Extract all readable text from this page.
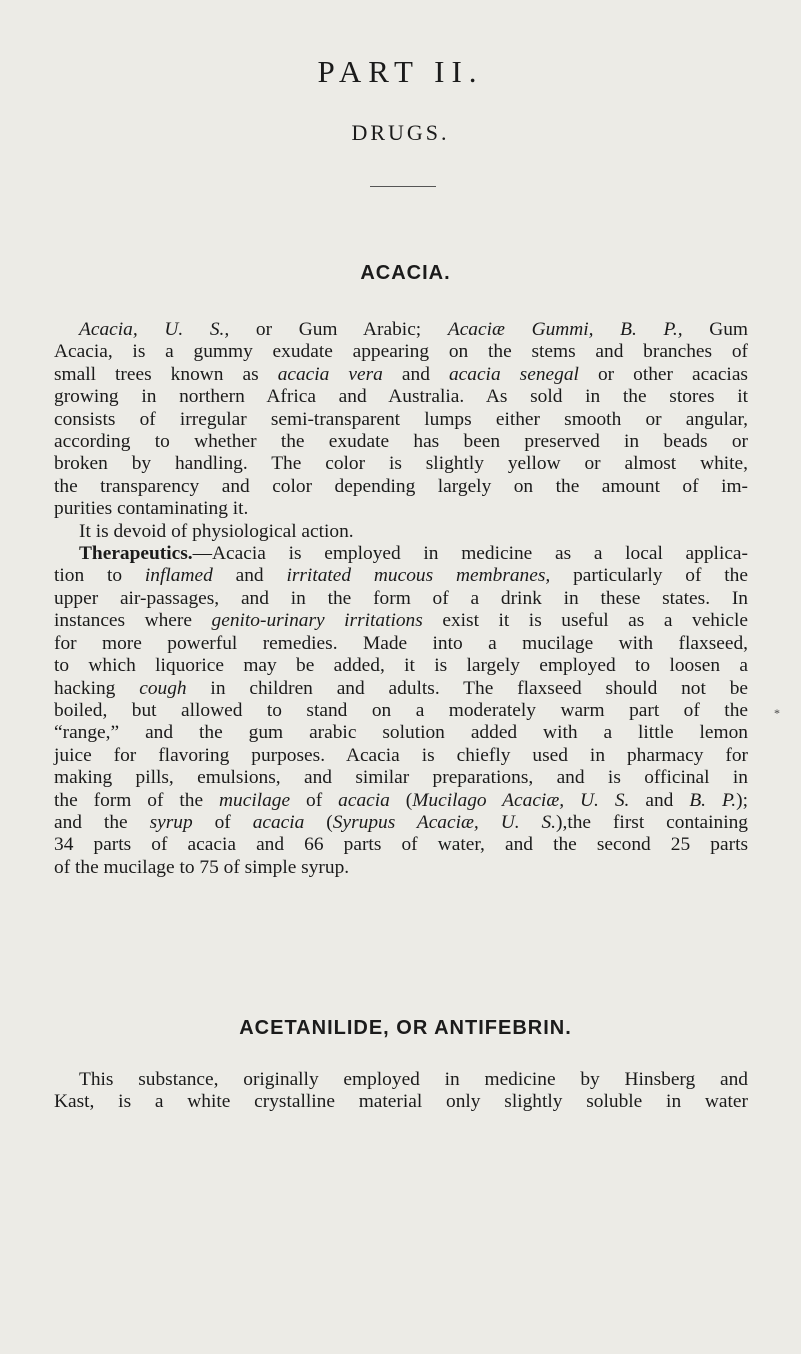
PART II.
DRUGS.
ACACIA.

Acacia, U. S., or Gum Arabic; Acaciæ Gummi, B. P., Gum
Acacia, is a gummy exudate appearing on the stems and branches of
small trees known as acacia vera and acacia senegal or other acacias
growing in northern Africa and Australia. As sold in the stores it
consists of irregular semi-transparent lumps either smooth or angular,
according to whether the exudate has been preserved in beads or
broken by handling. The color is slightly yellow or almost white,
the transparency and color depending largely on the amount of im-
purities contaminating it.

It is devoid of physiological action.

Therapeutics.—Acacia is employed in medicine as a local applica-
tion to inflamed and irritated mucous membranes, particularly of the
upper air-passages, and in the form of a drink in these states. In
instances where genito-urinary irritations exist it is useful as a vehicle
for more powerful remedies. Made into a mucilage with flaxseed,
to which liquorice may be added, it is largely employed to loosen a
hacking cough in children and adults. The flaxseed should not be
boiled, but allowed to stand on a moderately warm part of the
“range,” and the gum arabic solution added with a little lemon
juice for flavoring purposes. Acacia is chiefly used in pharmacy for
making pills, emulsions, and similar preparations, and is officinal in
the form of the mucilage of acacia (Mucilago Acaciæ, U. S. and B. P.);
and the syrup of acacia (Syrupus Acaciæ, U. S.),the first containing
34 parts of acacia and 66 parts of water, and the second 25 parts
of the mucilage to 75 of simple syrup.

*
ACETANILIDE, OR ANTIFEBRIN.

This substance, originally employed in medicine by Hinsberg and
Kast, is a white crystalline material only slightly soluble in water
